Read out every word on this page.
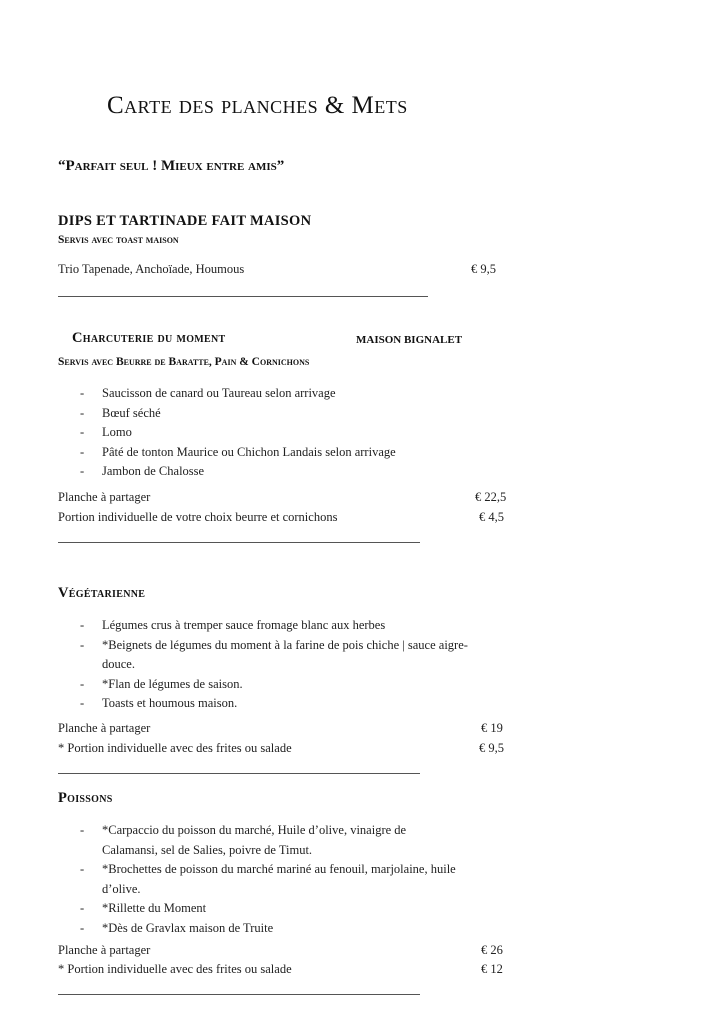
Carte des planches & Mets
“Parfait seul ! Mieux entre amis”
DIPS ET TARTINADE FAIT MAISON
Servis avec toast maison
Trio Tapenade, Anchoïade, Houmous	€ 9,5
Charcuterie du moment	MAISON BIGNALET
Servis avec Beurre de Baratte, Pain & Cornichons
- Saucisson de canard ou Taureau selon arrivage
- Bœuf séché
- Lomo
- Pâté de tonton Maurice ou Chichon Landais selon arrivage
- Jambon de Chalosse
Planche à partager	€ 22,5
Portion individuelle de votre choix beurre et cornichons	€ 4,5
Végétarienne
- Légumes crus à tremper sauce fromage blanc aux herbes
- *Beignets de légumes du moment à la farine de pois chiche | sauce aigre-douce.
- *Flan de légumes de saison.
- Toasts et houmous maison.
Planche à partager	€ 19
* Portion individuelle avec des frites ou salade	€ 9,5
Poissons
- *Carpaccio du poisson du marché, Huile d’olive, vinaigre de Calamansi, sel de Salies, poivre de Timut.
- *Brochettes de poisson du marché mariné au fenouil, marjolaine, huile d’olive.
- *Rillette du Moment
- *Dès de Gravlax maison de Truite
Planche à partager	€ 26
* Portion individuelle avec des frites ou salade	€ 12
